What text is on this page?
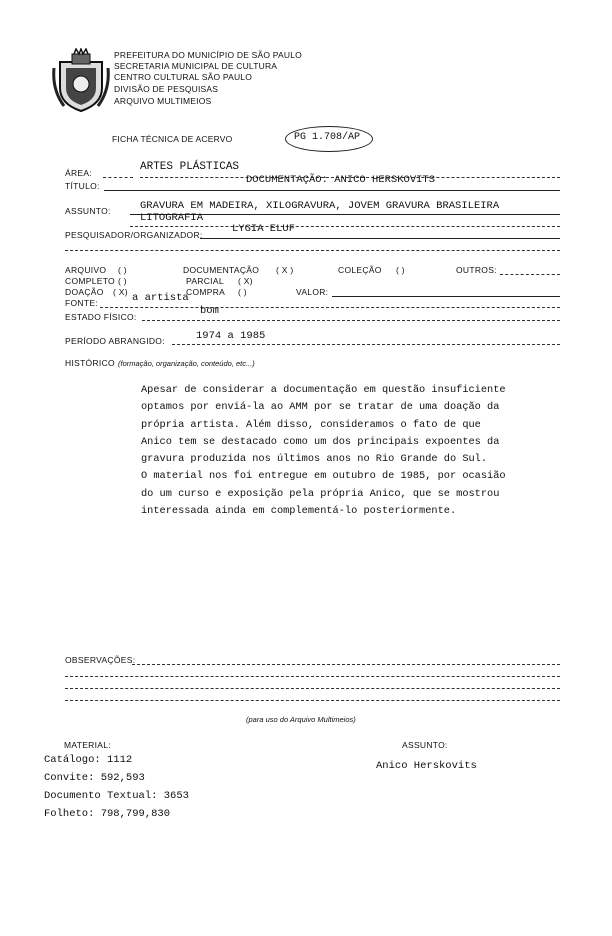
PREFEITURA DO MUNICÍPIO DE SÃO PAULO
SECRETARIA MUNICIPAL DE CULTURA
CENTRO CULTURAL SÃO PAULO
DIVISÃO DE PESQUISAS
ARQUIVO MULTIMEIOS
FICHA TÉCNICA DE ACERVO	PG 1.708/AP
ÁREA:	ARTES PLÁSTICAS
TÍTULO:	DOCUMENTAÇÃO: ANICO HERSKOVITS
ASSUNTO:	GRAVURA EM MADEIRA, XILOGRAVURA, JOVEM GRAVURA BRASILEIRA
LITOGRAFIA
PESQUISADOR/ORGANIZADOR:	LYGIA ELUF
ARQUIVO ( )	DOCUMENTAÇÃO ( X )	COLEÇÃO ( )	OUTROS:
COMPLETO ( )	PARCIAL ( X)
DOAÇÃO ( X)	COMPRA ( )	VALOR:
FONTE:	a artista
ESTADO FÍSICO:	bom
PERÍODO ABRANGIDO:	1974 a 1985
HISTÓRICO (formação, organização, conteúdo, etc...)

Apesar de considerar a documentação em questão insuficiente

optamos por enviá-la ao AMM por se tratar de uma doação da

própria artista. Além disso, consideramos o fato de que

Anico tem se destacado como um dos principais expoentes da

gravura produzida nos últimos anos no Rio Grande do Sul.

O material nos foi entregue em outubro de 1985, por ocasião

do um curso e exposição pela própria Anico, que se mostrou

interessada ainda em complementá-lo posteriormente.

OBSERVAÇÕES:
(para uso do Arquivo Multimeios)
MATERIAL:
Catálogo: 1112
Convite: 592,593
Documento Textual: 3653
Folheto: 798,799,830
ASSUNTO:
Anico Herskovits
